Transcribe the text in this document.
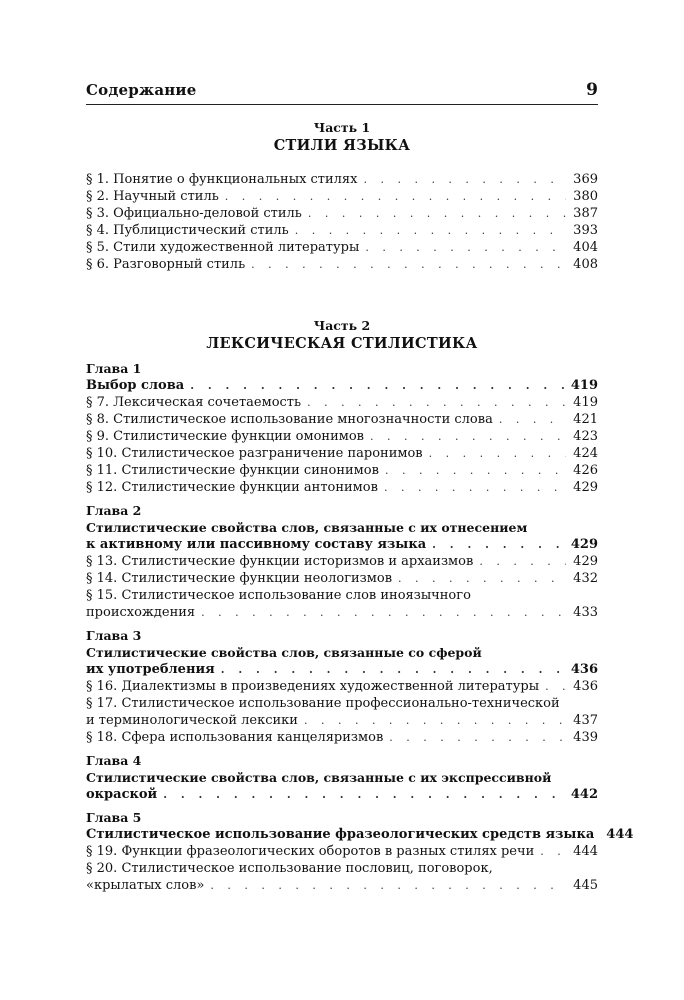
Содержание	9
Часть 1
СТИЛИ ЯЗЫКА
§ 1. Понятие о функциональных стилях . . .	369
§ 2. Научный стиль . . .	380
§ 3. Официально-деловой стиль . . .	387
§ 4. Публицистический стиль . . .	393
§ 5. Стили художественной литературы . . .	404
§ 6. Разговорный стиль . . .	408
Часть 2
ЛЕКСИЧЕСКАЯ СТИЛИСТИКА
Глава 1
Выбор слова . . .	419
§ 7. Лексическая сочетаемость . . .	419
§ 8. Стилистическое использование многозначности слова . . .	421
§ 9. Стилистические функции омонимов . . .	423
§ 10. Стилистическое разграничение паронимов . . .	424
§ 11. Стилистические функции синонимов . . .	426
§ 12. Стилистические функции антонимов . . .	429
Глава 2
Стилистические свойства слов, связанные с их отнесением
к активному или пассивному составу языка . . .	429
§ 13. Стилистические функции историзмов и архаизмов . . .	429
§ 14. Стилистические функции неологизмов . . .	432
§ 15. Стилистическое использование слов иноязычного
происхождения . . .	433
Глава 3
Стилистические свойства слов, связанные со сферой
их употребления . . .	436
§ 16. Диалектизмы в произведениях художественной литературы . . .	436
§ 17. Стилистическое использование профессионально-технической
и терминологической лексики . . .	437
§ 18. Сфера использования канцеляризмов . . .	439
Глава 4
Стилистические свойства слов, связанные с их экспрессивной
окраской . . .	442
Глава 5
Стилистическое использование фразеологических средств языка 444
§ 19. Функции фразеологических оборотов в разных стилях речи . . .	444
§ 20. Стилистическое использование пословиц, поговорок,
«крылатых слов» . . .	445
